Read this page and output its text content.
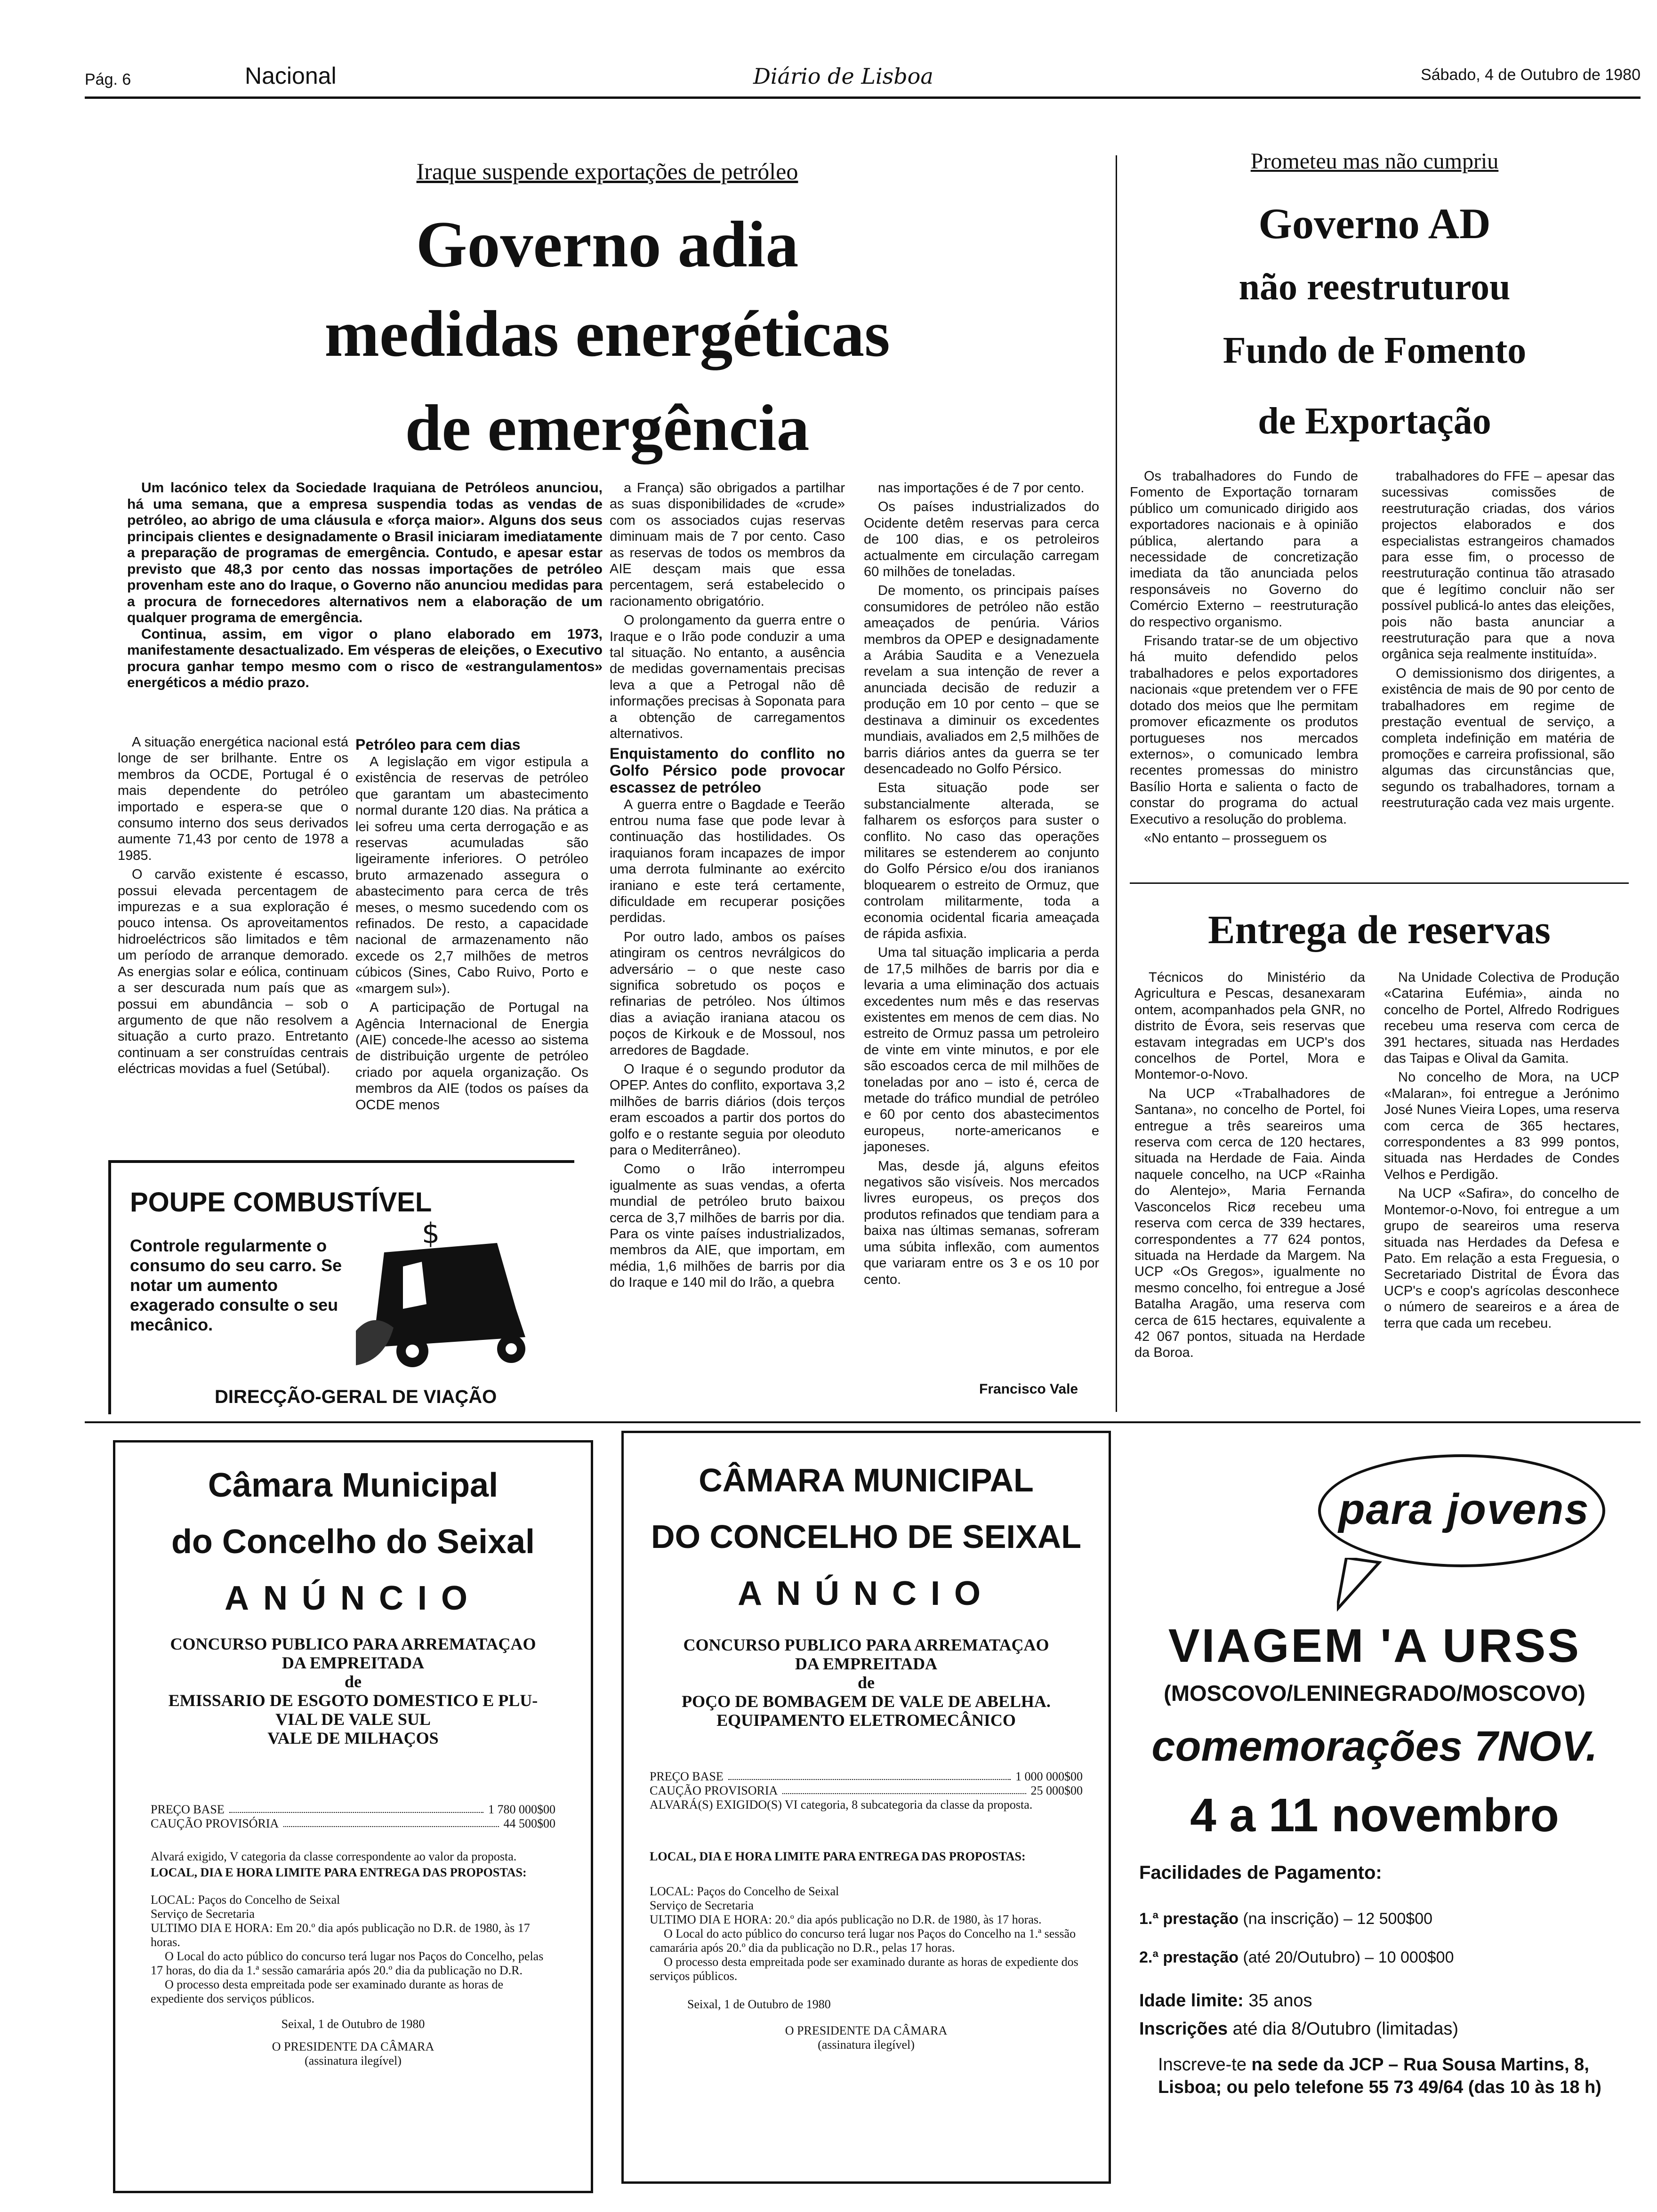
Pág. 6	Nacional	Diário de Lisboa	Sábado, 4 de Outubro de 1980
Iraque suspende exportações de petróleo
Governo adia
medidas energéticas
de emergência

Um lacónico telex da Sociedade Iraquiana de Petróleos anunciou, há uma semana, que a empresa suspendia todas as vendas de petróleo, ao abrigo de uma cláusula e «força maior». Alguns dos seus principais clientes e designadamente o Brasil iniciaram imediatamente a preparação de programas de emergência. Contudo, e apesar estar previsto que 48,3 por cento das nossas importações de petróleo provenham este ano do Iraque, o Governo não anunciou medidas para a procura de fornecedores alternativos nem a elaboração de um qualquer programa de emergência.

Continua, assim, em vigor o plano elaborado em 1973, manifestamente desactualizado. Em vésperas de eleições, o Executivo procura ganhar tempo mesmo com o risco de «estrangulamentos» energéticos a médio prazo.

A situação energética nacional está longe de ser brilhante. Entre os membros da OCDE, Portugal é o mais dependente do petróleo importado e espera-se que o consumo interno dos seus derivados aumente 71,43 por cento de 1978 a 1985.

O carvão existente é escasso, possui elevada percentagem de impurezas e a sua exploração é pouco intensa. Os aproveitamentos hidroeléctricos são limitados e têm um período de arranque demorado. As energias solar e eólica, continuam a ser descurada num país que as possui em abundância – sob o argumento de que não resolvem a situação a curto prazo. Entretanto continuam a ser construídas centrais eléctricas movidas a fuel (Setúbal).

Petróleo para cem dias

A legislação em vigor estipula a existência de reservas de petróleo que garantam um abastecimento normal durante 120 dias. Na prática a lei sofreu uma certa derrogação e as reservas acumuladas são ligeiramente inferiores. O petróleo bruto armazenado assegura o abastecimento para cerca de três meses, o mesmo sucedendo com os refinados. De resto, a capacidade nacional de armazenamento não excede os 2,7 milhões de metros cúbicos (Sines, Cabo Ruivo, Porto e «margem sul»).

A participação de Portugal na Agência Internacional de Energia (AIE) concede-lhe acesso ao sistema de distribuição urgente de petróleo criado por aquela organização. Os membros da AIE (todos os países da OCDE menos

a França) são obrigados a partilhar as suas disponibilidades de «crude» com os associados cujas reservas diminuam mais de 7 por cento. Caso as reservas de todos os membros da AIE desçam mais que essa percentagem, será estabelecido o racionamento obrigatório.

O prolongamento da guerra entre o Iraque e o Irão pode conduzir a uma tal situação. No entanto, a ausência de medidas governamentais precisas leva a que a Petrogal não dê informações precisas à Soponata para a obtenção de carregamentos alternativos.

Enquistamento do conflito no Golfo Pérsico pode provocar escassez de petróleo

A guerra entre o Bagdade e Teerão entrou numa fase que pode levar à continuação das hostilidades. Os iraquianos foram incapazes de impor uma derrota fulminante ao exército iraniano e este terá certamente, dificuldade em recuperar posições perdidas.

Por outro lado, ambos os países atingiram os centros nevrálgicos do adversário – o que neste caso significa sobretudo os poços e refinarias de petróleo. Nos últimos dias a aviação iraniana atacou os poços de Kirkouk e de Mossoul, nos arredores de Bagdade.

O Iraque é o segundo produtor da OPEP. Antes do conflito, exportava 3,2 milhões de barris diários (dois terços eram escoados a partir dos portos do golfo e o restante seguia por oleoduto para o Mediterrâneo).

Como o Irão interrompeu igualmente as suas vendas, a oferta mundial de petróleo bruto baixou cerca de 3,7 milhões de barris por dia. Para os vinte países industrializados, membros da AIE, que importam, em média, 1,6 milhões de barris por dia do Iraque e 140 mil do Irão, a quebra

nas importações é de 7 por cento.

Os países industrializados do Ocidente detêm reservas para cerca de 100 dias, e os petroleiros actualmente em circulação carregam 60 milhões de toneladas.

De momento, os principais países consumidores de petróleo não estão ameaçados de penúria. Vários membros da OPEP e designadamente a Arábia Saudita e a Venezuela revelam a sua intenção de rever a anunciada decisão de reduzir a produção em 10 por cento – que se destinava a diminuir os excedentes mundiais, avaliados em 2,5 milhões de barris diários antes da guerra se ter desencadeado no Golfo Pérsico.

Esta situação pode ser substancialmente alterada, se falharem os esforços para suster o conflito. No caso das operações militares se estenderem ao conjunto do Golfo Pérsico e/ou dos iranianos bloquearem o estreito de Ormuz, que controlam militarmente, toda a economia ocidental ficaria ameaçada de rápida asfixia.

Uma tal situação implicaria a perda de 17,5 milhões de barris por dia e levaria a uma eliminação dos actuais excedentes num mês e das reservas existentes em menos de cem dias. No estreito de Ormuz passa um petroleiro de vinte em vinte minutos, e por ele são escoados cerca de mil milhões de toneladas por ano – isto é, cerca de metade do tráfico mundial de petróleo e 60 por cento dos abastecimentos europeus, norte-americanos e japoneses.

Mas, desde já, alguns efeitos negativos são visíveis. Nos mercados livres europeus, os preços dos produtos refinados que tendiam para a baixa nas últimas semanas, sofreram uma súbita inflexão, com aumentos que variaram entre os 3 e os 10 por cento.

Francisco Vale
POUPE COMBUSTÍVEL
Controle regularmente o consumo do seu carro. Se notar um aumento exagerado consulte o seu mecânico.
$
DIRECÇÃO-GERAL DE VIAÇÃO
Prometeu mas não cumpriu
Governo AD
não reestruturou
Fundo de Fomento
de Exportação

Os trabalhadores do Fundo de Fomento de Exportação tornaram público um comunicado dirigido aos exportadores nacionais e à opinião pública, alertando para a necessidade de concretização imediata da tão anunciada pelos responsáveis no Governo do Comércio Externo – reestruturação do respectivo organismo.

Frisando tratar-se de um objectivo há muito defendido pelos trabalhadores e pelos exportadores nacionais «que pretendem ver o FFE dotado dos meios que lhe permitam promover eficazmente os produtos portugueses nos mercados externos», o comunicado lembra recentes promessas do ministro Basílio Horta e salienta o facto de constar do programa do actual Executivo a resolução do problema.

«No entanto – prosseguem os

trabalhadores do FFE – apesar das sucessivas comissões de reestruturação criadas, dos vários projectos elaborados e dos especialistas estrangeiros chamados para esse fim, o processo de reestruturação continua tão atrasado que é legítimo concluir não ser possível publicá-lo antes das eleições, pois não basta anunciar a reestruturação para que a nova orgânica seja realmente instituída».

O demissionismo dos dirigentes, a existência de mais de 90 por cento de trabalhadores em regime de prestação eventual de serviço, a completa indefinição em matéria de promoções e carreira profissional, são algumas das circunstâncias que, segundo os trabalhadores, tornam a reestruturação cada vez mais urgente.

Entrega de reservas

Técnicos do Ministério da Agricultura e Pescas, desanexaram ontem, acompanhados pela GNR, no distrito de Évora, seis reservas que estavam integradas em UCP's dos concelhos de Portel, Mora e Montemor-o-Novo.

Na UCP «Trabalhadores de Santana», no concelho de Portel, foi entregue a três seareiros uma reserva com cerca de 120 hectares, situada na Herdade de Faia. Ainda naquele concelho, na UCP «Rainha do Alentejo», Maria Fernanda Vasconcelos Ricø recebeu uma reserva com cerca de 339 hectares, correspondentes a 77 624 pontos, situada na Herdade da Margem. Na UCP «Os Gregos», igualmente no mesmo concelho, foi entregue a José Batalha Aragão, uma reserva com cerca de 615 hectares, equivalente a 42 067 pontos, situada na Herdade da Boroa.

Na Unidade Colectiva de Produção «Catarina Eufémia», ainda no concelho de Portel, Alfredo Rodrigues recebeu uma reserva com cerca de 391 hectares, situada nas Herdades das Taipas e Olival da Gamita.

No concelho de Mora, na UCP «Malaran», foi entregue a Jerónimo José Nunes Vieira Lopes, uma reserva com cerca de 365 hectares, correspondentes a 83 999 pontos, situada nas Herdades de Condes Velhos e Perdigão.

Na UCP «Safira», do concelho de Montemor-o-Novo, foi entregue a um grupo de seareiros uma reserva situada nas Herdades da Defesa e Pato. Em relação a esta Freguesia, o Secretariado Distrital de Évora das UCP's e coop's agrícolas desconhece o número de seareiros e a área de terra que cada um recebeu.

Câmara Municipal
do Concelho do Seixal
ANÚNCIO
CONCURSO PUBLICO PARA ARREMATAÇAO
DA EMPREITADA
de
EMISSARIO DE ESGOTO DOMESTICO E PLU-
VIAL DE VALE SUL
VALE DE MILHAÇOS
PREÇO BASE	1 780 000$00
CAUÇÃO PROVISÓRIA	44 500$00
Alvará exigido, V categoria da classe correspondente ao valor da proposta.
LOCAL, DIA E HORA LIMITE PARA ENTREGA DAS PROPOSTAS:
LOCAL: Paços do Concelho de Seixal
Serviço de Secretaria
ULTIMO DIA E HORA: Em 20.º dia após publicação no D.R. de 1980, às 17 horas.
O Local do acto público do concurso terá lugar nos Paços do Concelho, pelas 17 horas, do dia da 1.ª sessão camarária após 20.º dia da publicação no D.R.
O processo desta empreitada pode ser examinado durante as horas de expediente dos serviços públicos.
Seixal, 1 de Outubro de 1980
O PRESIDENTE DA CÂMARA
(assinatura ilegível)
CÂMARA MUNICIPAL
DO CONCELHO DE SEIXAL
ANÚNCIO
CONCURSO PUBLICO PARA ARREMATAÇAO
DA EMPREITADA
de
POÇO DE BOMBAGEM DE VALE DE ABELHA.
EQUIPAMENTO ELETROMECÂNICO
PREÇO BASE	1 000 000$00
CAUÇÃO PROVISORIA	25 000$00
ALVARÁ(S) EXIGIDO(S) VI categoria, 8 subcategoria da classe da proposta.
LOCAL, DIA E HORA LIMITE PARA ENTREGA DAS PROPOSTAS:
LOCAL: Paços do Concelho de Seixal
Serviço de Secretaria
ULTIMO DIA E HORA: 20.º dia após publicação no D.R. de 1980, às 17 horas.
O Local do acto público do concurso terá lugar nos Paços do Concelho na 1.ª sessão camarária após 20.º dia da publicação no D.R., pelas 17 horas.
O processo desta empreitada pode ser examinado durante as horas de expediente dos serviços públicos.
Seixal, 1 de Outubro de 1980
O PRESIDENTE DA CÂMARA
(assinatura ilegível)
para jovens
VIAGEM 'A URSS
(MOSCOVO/LENINEGRADO/MOSCOVO)
comemorações 7NOV.
4 a 11 novembro
Facilidades de Pagamento:
1.ª prestação (na inscrição) – 12 500$00
2.ª prestação (até 20/Outubro) – 10 000$00
Idade limite: 35 anos
Inscrições até dia 8/Outubro (limitadas)
Inscreve-te na sede da JCP – Rua Sousa Martins, 8, Lisboa; ou pelo telefone 55 73 49/64 (das 10 às 18 h)
